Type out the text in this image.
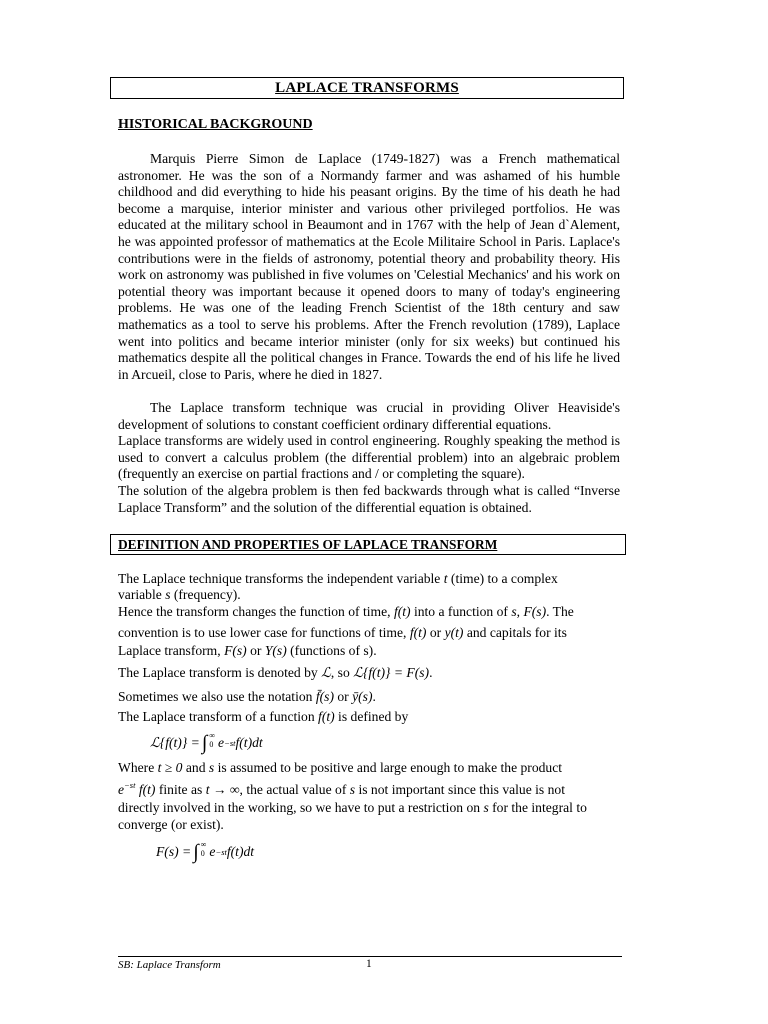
LAPLACE TRANSFORMS
HISTORICAL BACKGROUND

Marquis Pierre Simon de Laplace (1749-1827) was a French mathematical astronomer. He was the son of a Normandy farmer and was ashamed of his humble childhood and did everything to hide his peasant origins. By the time of his death he had become a marquise, interior minister and various other privileged portfolios. He was educated at the military school in Beaumont and in 1767 with the help of Jean d`Alement, he was appointed professor of mathematics at the Ecole Militaire School in Paris. Laplace's contributions were in the fields of astronomy, potential theory and probability theory. His work on astronomy was published in five volumes on 'Celestial Mechanics' and his work on potential theory was important because it opened doors to many of today's engineering problems. He was one of the leading French Scientist of the 18th century and saw mathematics as a tool to serve his problems. After the French revolution (1789), Laplace went into politics and became interior minister (only for six weeks) but continued his mathematics despite all the political changes in France. Towards the end of his life he lived in Arcueil, close to Paris, where he died in 1827.

The Laplace transform technique was crucial in providing Oliver Heaviside's development of solutions to constant coefficient ordinary differential equations.
Laplace transforms are widely used in control engineering. Roughly speaking the method is used to convert a calculus problem (the differential problem) into an algebraic problem (frequently an exercise on partial fractions and / or completing the square).
The solution of the algebra problem is then fed backwards through what is called “Inverse Laplace Transform” and the solution of the differential equation is obtained.
DEFINITION AND PROPERTIES OF LAPLACE TRANSFORM

The Laplace technique transforms the independent variable t (time) to a complex

variable s (frequency).

Hence the transform changes the function of time, f(t) into a function of s, F(s). The

convention is to use lower case for functions of time, f(t) or y(t) and capitals for its

Laplace transform, F(s) or Y(s) (functions of s).

The Laplace transform is denoted by ℒ, so ℒ{f(t)} = F(s).

Sometimes we also use the notation f̄(s) or ȳ(s).

The Laplace transform of a function f(t) is defined by

ℒ{f(t)} = ∫ ∞
0 e −st f(t)dt

Where t ≥ 0 and s is assumed to be positive and large enough to make the product

$e^{-st}$ f(t) finite as t → ∞, the actual value of s is not important since this value is not

directly involved in the working, so we have to put a restriction on s for the integral to

converge (or exist).

F(s) = ∫ ∞
0 e −st f(t)dt
SB: Laplace Transform	1
